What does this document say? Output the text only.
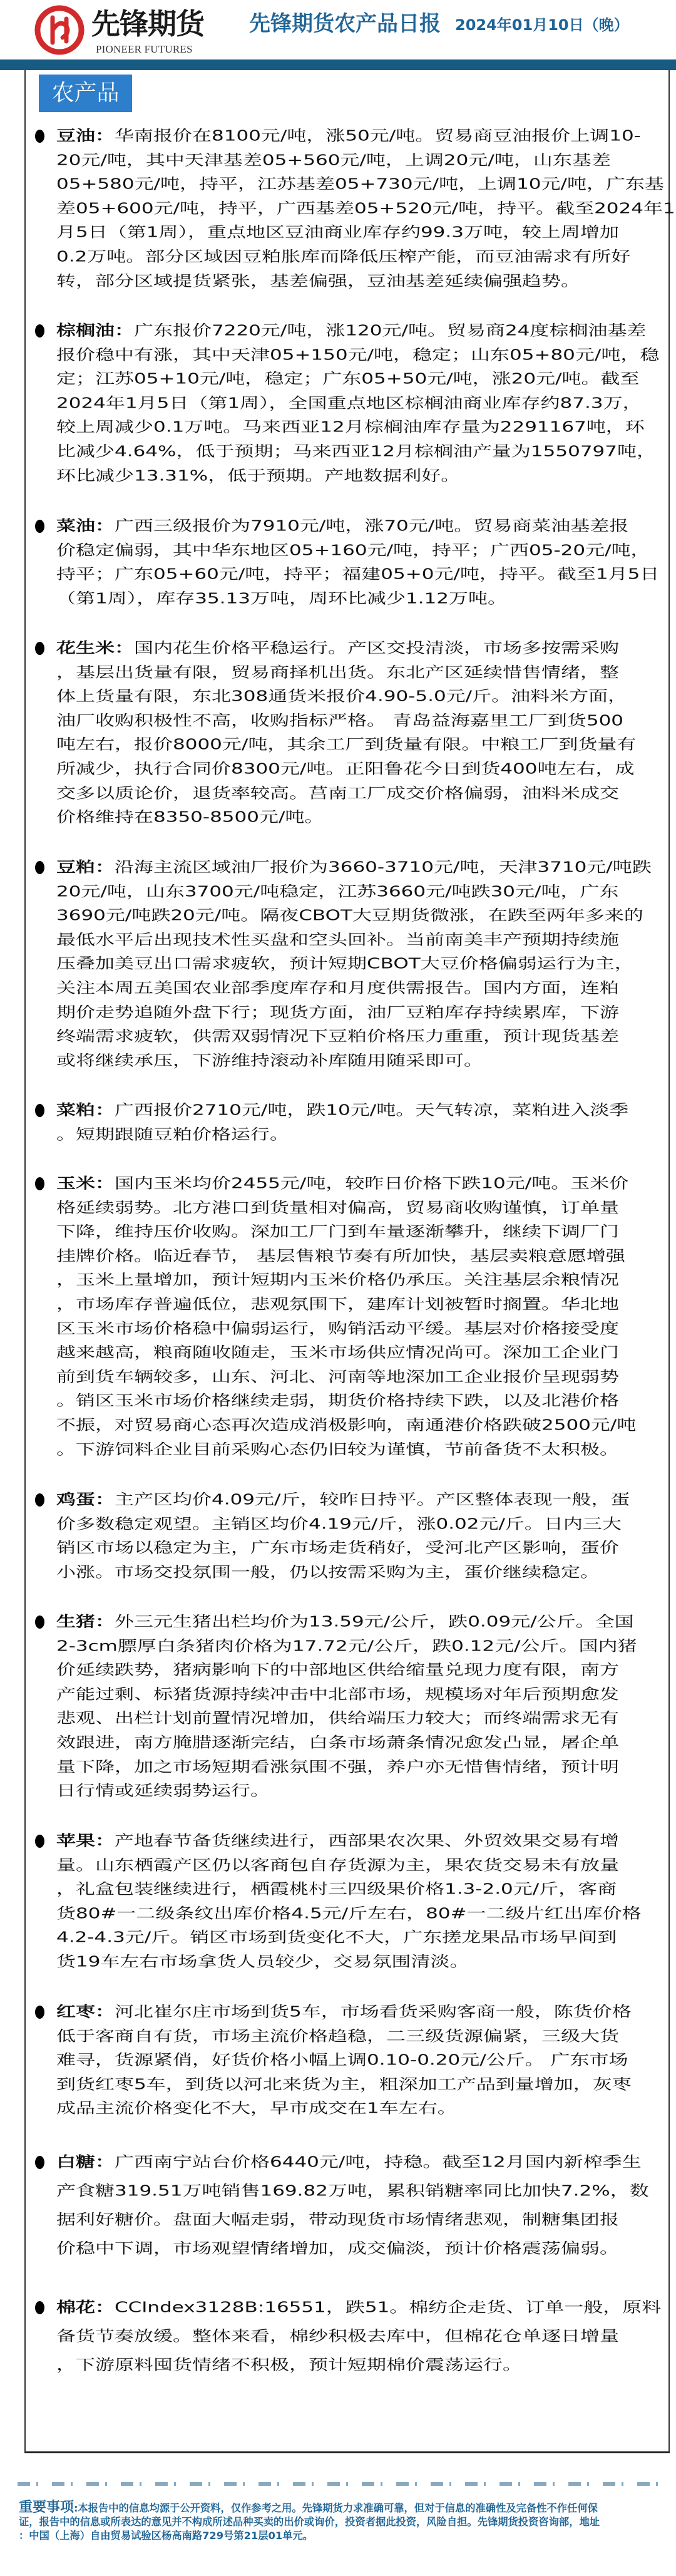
先锋期货
PIONEER FUTURES
先锋期货农产品日报 2024年01月10日（晚）
农产品
豆油：华南报价在8100元/吨，涨50元/吨。贸易商豆油报价上调10-
20元/吨，其中天津基差05+560元/吨，上调20元/吨，山东基差
05+580元/吨，持平，江苏基差05+730元/吨，上调10元/吨，广东基
差05+600元/吨，持平，广西基差05+520元/吨，持平。截至2024年1
月5日（第1周），重点地区豆油商业库存约99.3万吨，较上周增加
0.2万吨。部分区域因豆粕胀库而降低压榨产能，而豆油需求有所好
转，部分区域提货紧张，基差偏强，豆油基差延续偏强趋势。
棕榈油：广东报价7220元/吨，涨120元/吨。贸易商24度棕榈油基差
报价稳中有涨，其中天津05+150元/吨，稳定；山东05+80元/吨，稳
定；江苏05+10元/吨，稳定；广东05+50元/吨，涨20元/吨。截至
2024年1月5日（第1周），全国重点地区棕榈油商业库存约87.3万，
较上周减少0.1万吨。马来西亚12月棕榈油库存量为2291167吨，环
比减少4.64%，低于预期；马来西亚12月棕榈油产量为1550797吨，
环比减少13.31%，低于预期。产地数据利好。
菜油：广西三级报价为7910元/吨，涨70元/吨。贸易商菜油基差报
价稳定偏弱，其中华东地区05+160元/吨，持平；广西05-20元/吨，
持平；广东05+60元/吨，持平；福建05+0元/吨，持平。截至1月5日
（第1周），库存35.13万吨，周环比减少1.12万吨。
花生米：国内花生价格平稳运行。产区交投清淡，市场多按需采购
，基层出货量有限，贸易商择机出货。东北产区延续惜售情绪，整
体上货量有限，东北308通货米报价4.90-5.0元/斤。油料米方面，
油厂收购积极性不高，收购指标严格。 青岛益海嘉里工厂到货500
吨左右，报价8000元/吨，其余工厂到货量有限。中粮工厂到货量有
所减少，执行合同价8300元/吨。正阳鲁花今日到货400吨左右，成
交多以质论价，退货率较高。莒南工厂成交价格偏弱，油料米成交
价格维持在8350-8500元/吨。
豆粕：沿海主流区域油厂报价为3660-3710元/吨，天津3710元/吨跌
20元/吨，山东3700元/吨稳定，江苏3660元/吨跌30元/吨，广东
3690元/吨跌20元/吨。隔夜CBOT大豆期货微涨，在跌至两年多来的
最低水平后出现技术性买盘和空头回补。当前南美丰产预期持续施
压叠加美豆出口需求疲软，预计短期CBOT大豆价格偏弱运行为主，
关注本周五美国农业部季度库存和月度供需报告。国内方面，连粕
期价走势追随外盘下行；现货方面，油厂豆粕库存持续累库，下游
终端需求疲软，供需双弱情况下豆粕价格压力重重，预计现货基差
或将继续承压，下游维持滚动补库随用随采即可。
菜粕：广西报价2710元/吨，跌10元/吨。天气转凉，菜粕进入淡季
。短期跟随豆粕价格运行。
玉米：国内玉米均价2455元/吨，较昨日价格下跌10元/吨。玉米价
格延续弱势。北方港口到货量相对偏高，贸易商收购谨慎，订单量
下降，维持压价收购。深加工厂门到车量逐渐攀升，继续下调厂门
挂牌价格。临近春节， 基层售粮节奏有所加快，基层卖粮意愿增强
，玉米上量增加，预计短期内玉米价格仍承压。关注基层余粮情况
，市场库存普遍低位，悲观氛围下，建库计划被暂时搁置。华北地
区玉米市场价格稳中偏弱运行，购销活动平缓。基层对价格接受度
越来越高，粮商随收随走，玉米市场供应情况尚可。深加工企业门
前到货车辆较多，山东、河北、河南等地深加工企业报价呈现弱势
。销区玉米市场价格继续走弱，期货价格持续下跌，以及北港价格
不振，对贸易商心态再次造成消极影响，南通港价格跌破2500元/吨
。下游饲料企业目前采购心态仍旧较为谨慎，节前备货不太积极。
鸡蛋：主产区均价4.09元/斤，较昨日持平。产区整体表现一般，蛋
价多数稳定观望。主销区均价4.19元/斤，涨0.02元/斤。日内三大
销区市场以稳定为主，广东市场走货稍好，受河北产区影响，蛋价
小涨。市场交投氛围一般，仍以按需采购为主，蛋价继续稳定。
生猪：外三元生猪出栏均价为13.59元/公斤，跌0.09元/公斤。全国
2-3cm膘厚白条猪肉价格为17.72元/公斤，跌0.12元/公斤。国内猪
价延续跌势，猪病影响下的中部地区供给缩量兑现力度有限，南方
产能过剩、标猪货源持续冲击中北部市场，规模场对年后预期愈发
悲观、出栏计划前置情况增加，供给端压力较大；而终端需求无有
效跟进，南方腌腊逐渐完结，白条市场萧条情况愈发凸显，屠企单
量下降，加之市场短期看涨氛围不强，养户亦无惜售情绪，预计明
日行情或延续弱势运行。
苹果：产地春节备货继续进行，西部果农次果、外贸效果交易有增
量。山东栖霞产区仍以客商包自存货源为主，果农货交易未有放量
，礼盒包装继续进行，栖霞桃村三四级果价格1.3-2.0元/斤，客商
货80#一二级条纹出库价格4.5元/斤左右，80#一二级片红出库价格
4.2-4.3元/斤。销区市场到货变化不大，广东搓龙果品市场早间到
货19车左右市场拿货人员较少，交易氛围清淡。
红枣：河北崔尔庄市场到货5车，市场看货采购客商一般，陈货价格
低于客商自有货，市场主流价格趋稳，二三级货源偏紧，三级大货
难寻，货源紧俏，好货价格小幅上调0.10-0.20元/公斤。 广东市场
到货红枣5车，到货以河北来货为主，粗深加工产品到量增加，灰枣
成品主流价格变化不大，早市成交在1车左右。
白糖：广西南宁站台价格6440元/吨，持稳。截至12月国内新榨季生
产食糖319.51万吨销售169.82万吨，累积销糖率同比加快7.2%，数
据利好糖价。盘面大幅走弱，带动现货市场情绪悲观，制糖集团报
价稳中下调，市场观望情绪增加，成交偏淡，预计价格震荡偏弱。
棉花：CCIndex3128B:16551，跌51。棉纺企走货、订单一般，原料
备货节奏放缓。整体来看，棉纱积极去库中，但棉花仓单逐日增量
，下游原料囤货情绪不积极，预计短期棉价震荡运行。
重要事项:本报告中的信息均源于公开资料，仅作参考之用。先锋期货力求准确可靠，但对于信息的准确性及完备性不作任何保
证，报告中的信息或所表达的意见并不构成所述品种买卖的出价或询价，投资者据此投资，风险自担。先锋期货投资咨询部，地址
：中国（上海）自由贸易试验区杨高南路729号第21层01单元。
